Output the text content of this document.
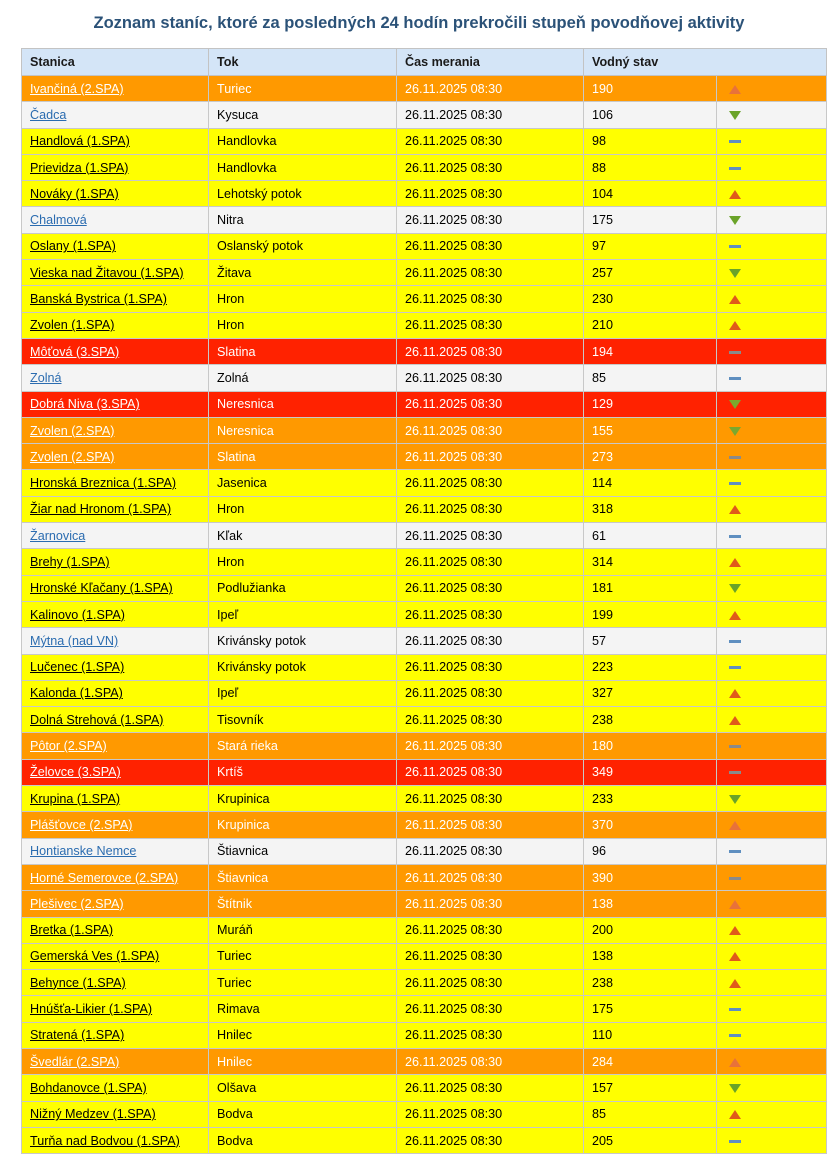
Zoznam staníc, ktoré za posledných 24 hodín prekročili stupeň povodňovej aktivity
Stanica	Tok	Čas merania	Vodný stav	
Ivančiná (2.SPA)	Turiec	26.11.2025 08:30	190	
Čadca	Kysuca	26.11.2025 08:30	106	
Handlová (1.SPA)	Handlovka	26.11.2025 08:30	98	
Prievidza (1.SPA)	Handlovka	26.11.2025 08:30	88	
Nováky (1.SPA)	Lehotský potok	26.11.2025 08:30	104	
Chalmová	Nitra	26.11.2025 08:30	175	
Oslany (1.SPA)	Oslanský potok	26.11.2025 08:30	97	
Vieska nad Žitavou (1.SPA)	Žitava	26.11.2025 08:30	257	
Banská Bystrica (1.SPA)	Hron	26.11.2025 08:30	230	
Zvolen (1.SPA)	Hron	26.11.2025 08:30	210	
Môťová (3.SPA)	Slatina	26.11.2025 08:30	194	
Zolná	Zolná	26.11.2025 08:30	85	
Dobrá Niva (3.SPA)	Neresnica	26.11.2025 08:30	129	
Zvolen (2.SPA)	Neresnica	26.11.2025 08:30	155	
Zvolen (2.SPA)	Slatina	26.11.2025 08:30	273	
Hronská Breznica (1.SPA)	Jasenica	26.11.2025 08:30	114	
Žiar nad Hronom (1.SPA)	Hron	26.11.2025 08:30	318	
Žarnovica	Kľak	26.11.2025 08:30	61	
Brehy (1.SPA)	Hron	26.11.2025 08:30	314	
Hronské Kľačany (1.SPA)	Podlužianka	26.11.2025 08:30	181	
Kalinovo (1.SPA)	Ipeľ	26.11.2025 08:30	199	
Mýtna (nad VN)	Krivánsky potok	26.11.2025 08:30	57	
Lučenec (1.SPA)	Krivánsky potok	26.11.2025 08:30	223	
Kalonda (1.SPA)	Ipeľ	26.11.2025 08:30	327	
Dolná Strehová (1.SPA)	Tisovník	26.11.2025 08:30	238	
Pôtor (2.SPA)	Stará rieka	26.11.2025 08:30	180	
Želovce (3.SPA)	Krtíš	26.11.2025 08:30	349	
Krupina (1.SPA)	Krupinica	26.11.2025 08:30	233	
Plášťovce (2.SPA)	Krupinica	26.11.2025 08:30	370	
Hontianske Nemce	Štiavnica	26.11.2025 08:30	96	
Horné Semerovce (2.SPA)	Štiavnica	26.11.2025 08:30	390	
Plešivec (2.SPA)	Štítnik	26.11.2025 08:30	138	
Bretka (1.SPA)	Muráň	26.11.2025 08:30	200	
Gemerská Ves (1.SPA)	Turiec	26.11.2025 08:30	138	
Behynce (1.SPA)	Turiec	26.11.2025 08:30	238	
Hnúšťa-Likier (1.SPA)	Rimava	26.11.2025 08:30	175	
Stratená (1.SPA)	Hnilec	26.11.2025 08:30	110	
Švedlár (2.SPA)	Hnilec	26.11.2025 08:30	284	
Bohdanovce (1.SPA)	Olšava	26.11.2025 08:30	157	
Nižný Medzev (1.SPA)	Bodva	26.11.2025 08:30	85	
Turňa nad Bodvou (1.SPA)	Bodva	26.11.2025 08:30	205	
